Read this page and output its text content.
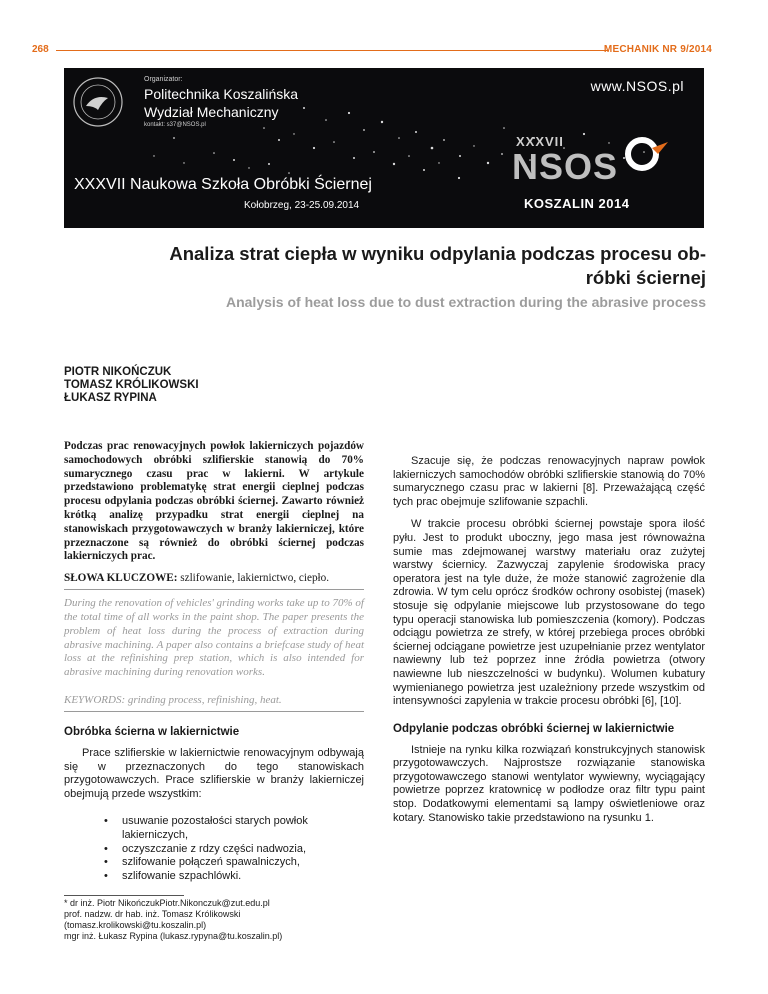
268	MECHANIK NR 9/2014
Organizator:
Politechnika Koszalińska
Wydział Mechaniczny
kontakt: s37@NSOS.pl
www.NSOS.pl
XXXVII Naukowa Szkoła Obróbki Ściernej
Kołobrzeg, 23-25.09.2014
XXXVII
NSOS
KOSZALIN 2014
Analiza strat ciepła w wyniku odpylania podczas procesu ob-
róbki ściernej
Analysis of heat loss due to dust extraction during the abrasive process
PIOTR NIKOŃCZUK
TOMASZ KRÓLIKOWSKI
ŁUKASZ RYPINA

Podczas prac renowacyjnych powłok lakierniczych pojazdów samochodowych obróbki szlifierskie stanowią do 70% sumarycznego czasu prac w lakierni. W artykule przedstawiono problematykę strat energii cieplnej podczas procesu odpylania podczas obróbki ściernej. Zawarto również krótką analizę przypadku strat energii cieplnej na stanowiskach przygotowawczych w branży lakierniczej, które przeznaczone są również do obróbki ściernej podczas lakierniczych prac.

SŁOWA KLUCZOWE: szlifowanie, lakiernictwo, ciepło.

During the renovation of vehicles' grinding works take up to 70% of the total time of all works in the paint shop. The paper presents the problem of heat loss during the process of extraction during abrasive machining. A paper also contains a briefcase study of heat loss at the refinishing prep station, which is also intended for abrasive machining during renovation works.

KEYWORDS: grinding process, refinishing, heat.

Obróbka ścierna w lakiernictwie

Prace szlifierskie w lakiernictwie renowacyjnym odbywają się w przeznaczonych do tego stanowiskach przygotowawczych. Prace szlifierskie w branży lakierniczej obejmują przede wszystkim:

• usuwanie pozostałości starych powłok lakierniczych,
• oczyszczanie z rdzy części nadwozia,
• szlifowanie połączeń spawalniczych,
• szlifowanie szpachlówki.
* dr inż. Piotr NikończukPiotr.Nikonczuk@zut.edu.pl
prof. nadzw. dr hab. inż. Tomasz Królikowski
(tomasz.krolikowski@tu.koszalin.pl)
mgr inż. Łukasz Rypina (lukasz.rypyna@tu.koszalin.pl)

Szacuje się, że podczas renowacyjnych napraw powłok lakierniczych samochodów obróbki szlifierskie stanowią do 70% sumarycznego czasu prac w lakierni [8]. Przeważającą część tych prac obejmuje szlifowanie szpachli.

W trakcie procesu obróbki ściernej powstaje spora ilość pyłu. Jest to produkt uboczny, jego masa jest równoważna sumie mas zdejmowanej warstwy materiału oraz zużytej warstwy ściernicy. Zazwyczaj zapylenie środowiska pracy operatora jest na tyle duże, że może stanowić zagrożenie dla zdrowia. W tym celu oprócz środków ochrony osobistej (masek) stosuje się odpylanie miejscowe lub przystosowane do tego typu operacji stanowiska lub pomieszczenia (komory). Podczas odciągu powietrza ze strefy, w której przebiega proces obróbki ściernej odciągane powietrze jest uzupełnianie przez wentylator nawiewny lub też poprzez inne źródła powietrza (otwory nawiewne lub nieszczelności w budynku). Wolumen kubatury wymienianego powietrza jest uzależniony przede wszystkim od intensywności zapylenia w trakcie procesu obróbki [6], [10].

Odpylanie podczas obróbki ściernej w lakiernictwie

Istnieje na rynku kilka rozwiązań konstrukcyjnych stanowisk przygotowawczych. Najprostsze rozwiązanie stanowiska przygotowawczego stanowi wentylator wywiewny, wyciągający powietrze poprzez kratownicę w podłodze oraz filtr typu paint stop. Dodatkowymi elementami są lampy oświetleniowe oraz kotary. Stanowisko takie przedstawiono na rysunku 1.
